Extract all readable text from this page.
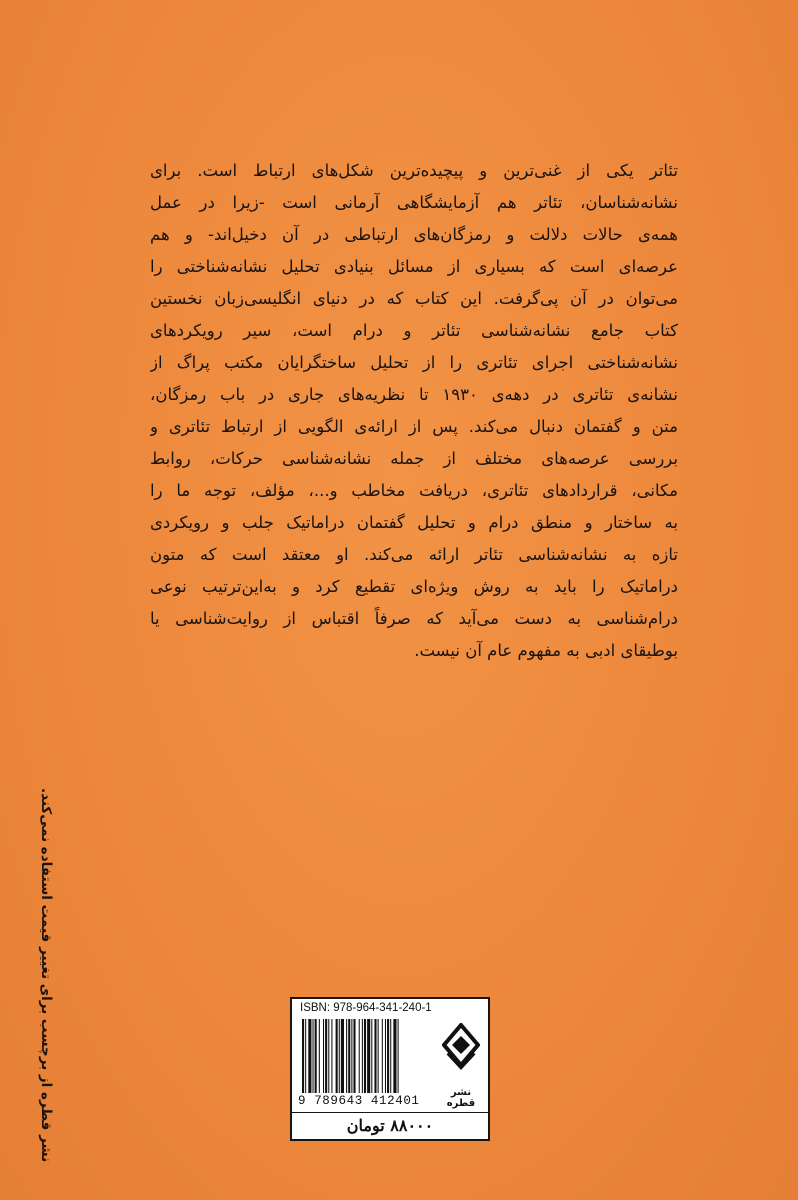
تئاتر یکی از غنی‌ترین و پیچیده‌ترین شکل‌های ارتباط است. برای
نشانه‌شناسان، تئاتر هم آزمایشگاهی آرمانی است -زیرا در عمل
همه‌ی حالات دلالت و رمزگان‌های ارتباطی در آن دخیل‌اند- و هم
عرصه‌ای است که بسیاری از مسائل بنیادی تحلیل نشانه‌شناختی را
می‌توان در آن پی‌گرفت. این کتاب که در دنیای انگلیسی‌زبان نخستین
کتاب جامع نشانه‌شناسی تئاتر و درام است، سیر رویکردهای
نشانه‌شناختی اجرای تئاتری را از تحلیل ساختگرایان مکتب پراگ از
نشانه‌ی تئاتری در دهه‌ی ۱۹۳۰ تا نظریه‌های جاری در باب رمزگان،
متن و گفتمان دنبال می‌کند. پس از ارائه‌ی الگویی از ارتباط تئاتری و
بررسی عرصه‌های مختلف از جمله نشانه‌شناسی حرکات، روابط
مکانی، قراردادهای تئاتری، دریافت مخاطب و...، مؤلف، توجه ما را
به ساختار و منطق درام و تحلیل گفتمان دراماتیک جلب و رویکردی
تازه به نشانه‌شناسی تئاتر ارائه می‌کند. او معتقد است که متون
دراماتیک را باید به روش ویژه‌ای تقطیع کرد و به‌این‌ترتیب نوعی
درام‌شناسی به دست می‌آید که صرفاً اقتباس از روایت‌شناسی یا
بوطیقای ادبی به مفهوم عام آن نیست.
نشر قطره از برچسب برای تغییر قیمت استفاده نمی‌کند.	ISBN: 978-964-341-240-1
9 789643 412401
نشر قطره
۸۸۰۰۰ تومان
